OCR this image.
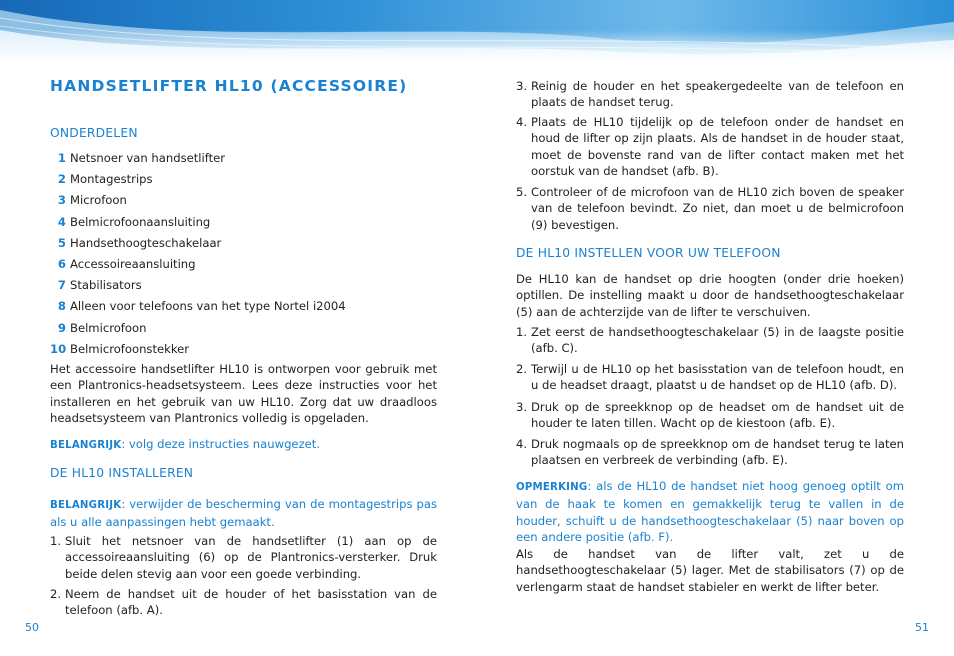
HANDSETLIFTER HL10 (ACCESSOIRE)
ONDERDELEN
1 Netsnoer van handsetlifter
2 Montagestrips
3 Microfoon
4 Belmicrofoonaansluiting
5 Handsethoogteschakelaar
6 Accessoireaansluiting
7 Stabilisators
8 Alleen voor telefoons van het type Nortel i2004
9 Belmicrofoon
10 Belmicrofoonstekker
Het accessoire handsetlifter HL10 is ontworpen voor gebruik met een Plantronics-headsetsysteem. Lees deze instructies voor het installeren en het gebruik van uw HL10. Zorg dat uw draadloos headsetsysteem van Plantronics volledig is opgeladen.
BELANGRIJK: volg deze instructies nauwgezet.
DE HL10 INSTALLEREN
BELANGRIJK: verwijder de bescherming van de montagestrips pas als u alle aanpassingen hebt gemaakt.
1. Sluit het netsnoer van de handsetlifter (1) aan op de accessoireaansluiting (6) op de Plantronics-versterker. Druk beide delen stevig aan voor een goede verbinding.
2. Neem de handset uit de houder of het basisstation van de telefoon (afb. A).
50
3. Reinig de houder en het speakergedeelte van de telefoon en plaats de handset terug.
4. Plaats de HL10 tijdelijk op de telefoon onder de handset en houd de lifter op zijn plaats. Als de handset in de houder staat, moet de bovenste rand van de lifter contact maken met het oorstuk van de handset (afb. B).
5. Controleer of de microfoon van de HL10 zich boven de speaker van de telefoon bevindt. Zo niet, dan moet u de belmicrofoon (9) bevestigen.
DE HL10 INSTELLEN VOOR UW TELEFOON
De HL10 kan de handset op drie hoogten (onder drie hoeken) optillen. De instelling maakt u door de handsethoogteschakelaar (5) aan de achterzijde van de lifter te verschuiven.
1. Zet eerst de handsethoogteschakelaar (5) in de laagste positie (afb. C).
2. Terwijl u de HL10 op het basisstation van de telefoon houdt, en u de headset draagt, plaatst u de handset op de HL10 (afb. D).
3. Druk op de spreekknop op de headset om de handset uit de houder te laten tillen. Wacht op de kiestoon (afb. E).
4. Druk nogmaals op de spreekknop om de handset terug te laten plaatsen en verbreek de verbinding (afb. E).
OPMERKING: als de HL10 de handset niet hoog genoeg optilt om van de haak te komen en gemakkelijk terug te vallen in de houder, schuift u de handsethoogteschakelaar (5) naar boven op een andere positie (afb. F).
Als de handset van de lifter valt, zet u de handsethoogteschakelaar (5) lager. Met de stabilisators (7) op de verlengarm staat de handset stabieler en werkt de lifter beter.
51
